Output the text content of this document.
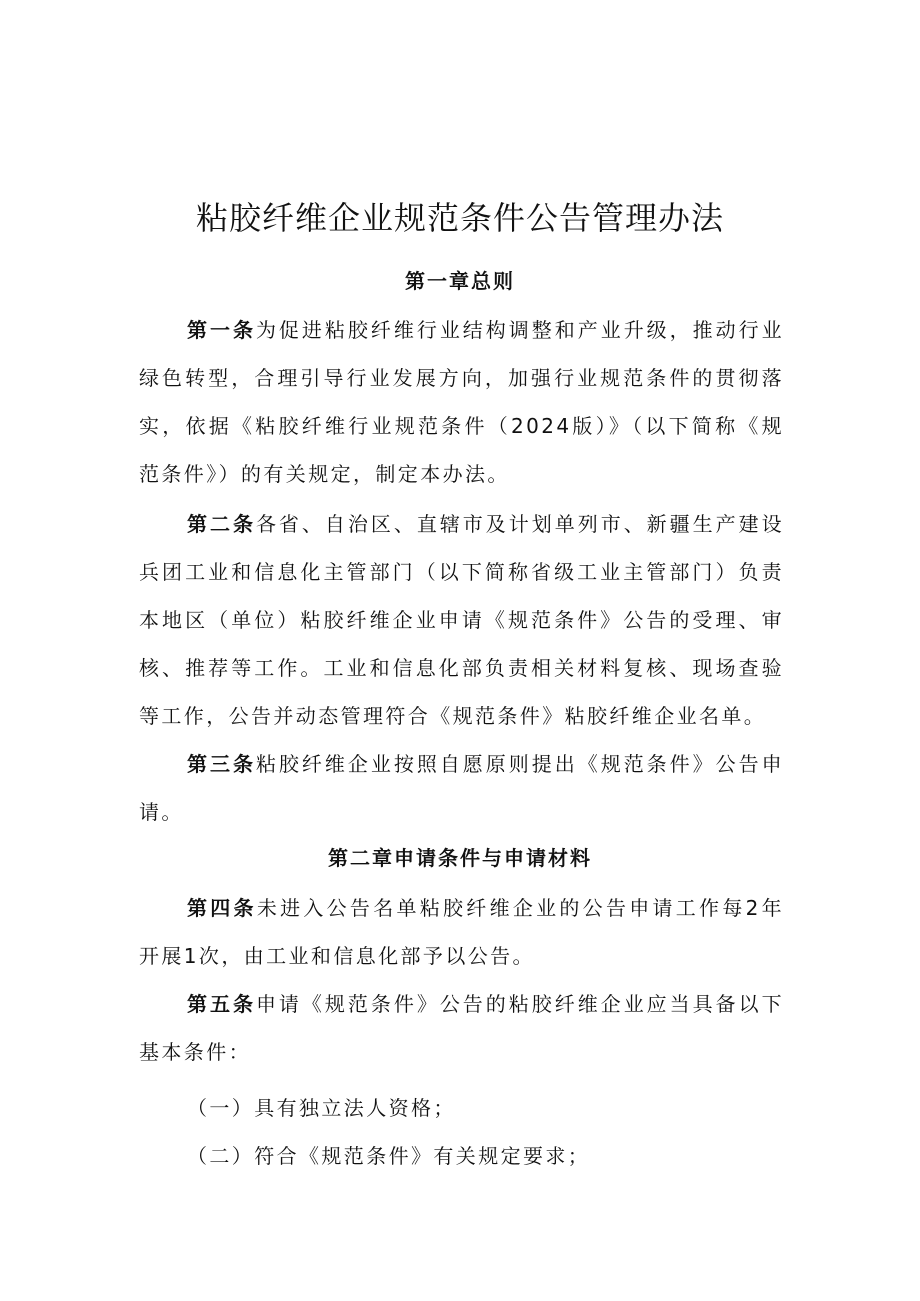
粘胶纤维企业规范条件公告管理办法
第一章总则

第一条为促进粘胶纤维行业结构调整和产业升级，推动行业绿色转型，合理引导行业发展方向，加强行业规范条件的贯彻落实，依据《粘胶纤维行业规范条件（2024版）》（以下简称《规范条件》）的有关规定，制定本办法。

第二条各省、自治区、直辖市及计划单列市、新疆生产建设兵团工业和信息化主管部门（以下简称省级工业主管部门）负责本地区（单位）粘胶纤维企业申请《规范条件》公告的受理、审核、推荐等工作。工业和信息化部负责相关材料复核、现场查验等工作，公告并动态管理符合《规范条件》粘胶纤维企业名单。

第三条粘胶纤维企业按照自愿原则提出《规范条件》公告申请。

第二章申请条件与申请材料

第四条未进入公告名单粘胶纤维企业的公告申请工作每2年开展1次，由工业和信息化部予以公告。

第五条申请《规范条件》公告的粘胶纤维企业应当具备以下基本条件：

（一）具有独立法人资格；

（二）符合《规范条件》有关规定要求；
